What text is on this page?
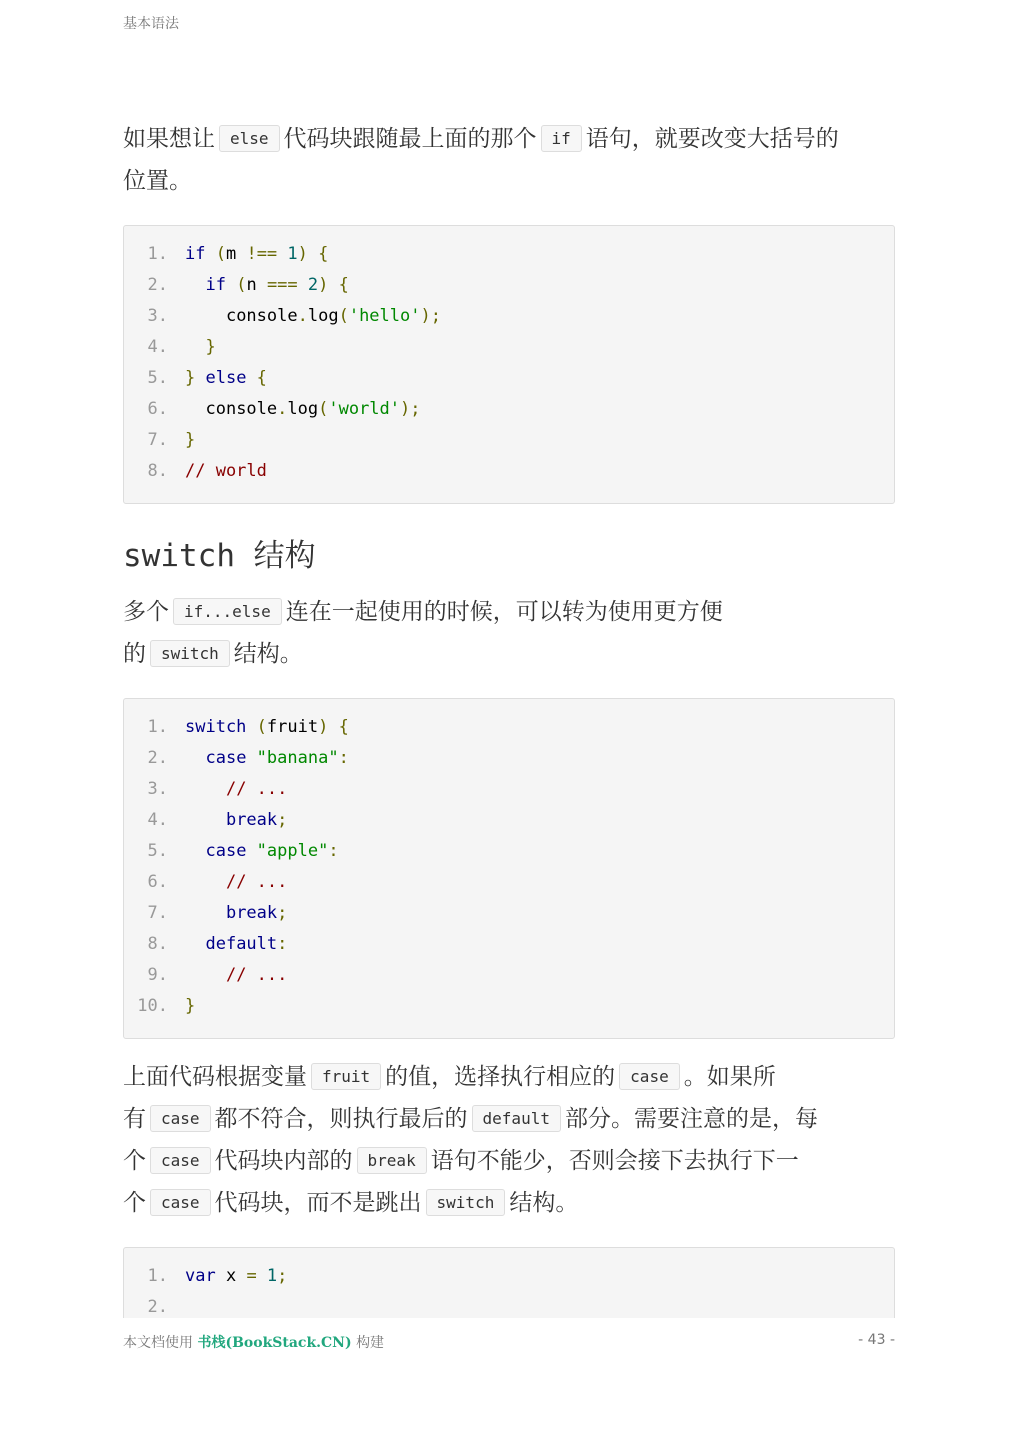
基本语法

如果想让 else 代码块跟随最上面的那个 if 语句，就要改变大括号的
位置。

1.	if (m !== 1) {
2.	if (n === 2) {
3.	console.log('hello');
4.	}
5.	} else {
6.	console.log('world');
7.	}
8.	// world
switch 结构

多个 if...else 连在一起使用的时候，可以转为使用更方便
的 switch 结构。

1.	switch (fruit) {
2.	case "banana":
3.	// ...
4.	break;
5.	case "apple":
6.	// ...
7.	break;
8.	default:
9.	// ...
10.	}

上面代码根据变量 fruit 的值，选择执行相应的 case 。如果所
有 case 都不符合，则执行最后的 default 部分。需要注意的是，每
个 case 代码块内部的 break 语句不能少，否则会接下去执行下一
个 case 代码块，而不是跳出 switch 结构。

1.	var x = 1;
2.
本文档使用 书栈(BookStack.CN) 构建	- 43 -
